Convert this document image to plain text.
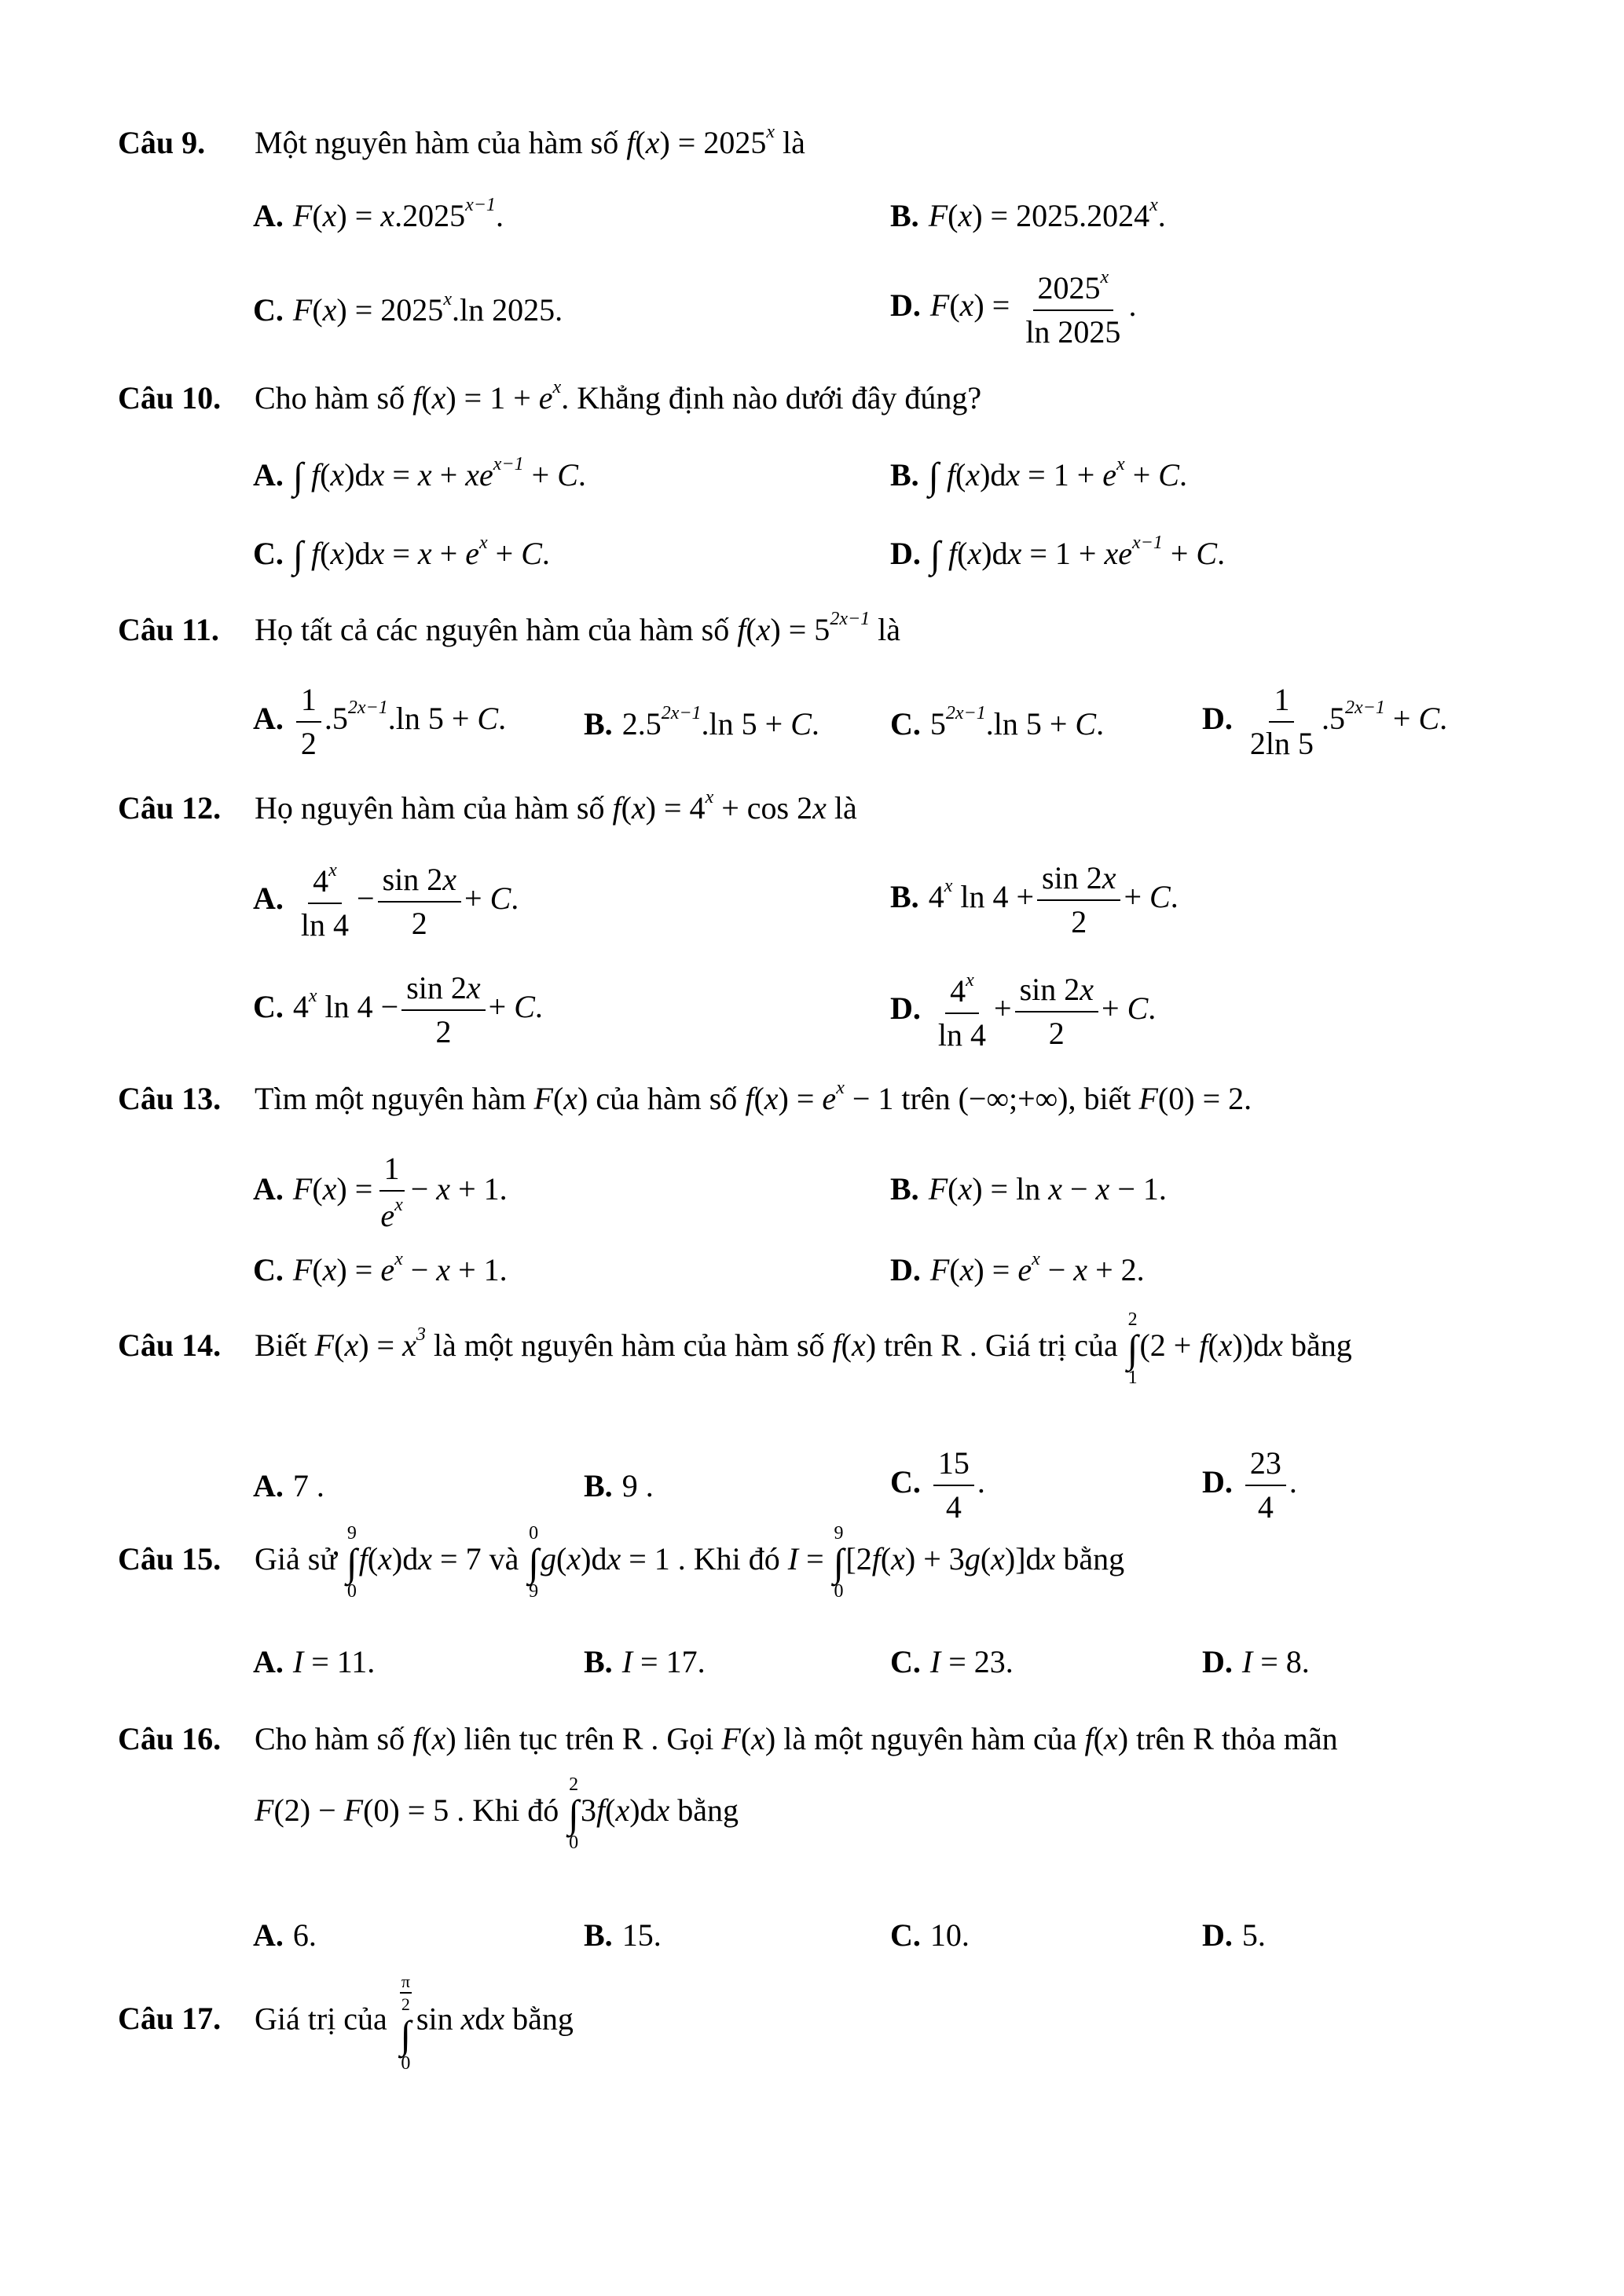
Câu 9. Một nguyên hàm của hàm số $f(x) = 2025^x$ là
A. $F(x) = x.2025^{x-1}$.	B. $F(x) = 2025.2024^x$.
C. $F(x) = 2025^x.\ln$ 2025.	D. $F(x) = \frac{2025^x}{\ln 2025}$ .
Câu 10. Cho hàm số $f(x) = 1 + e^x$. Khẳng định nào dưới đây đúng?
A. ∫ $f(x)dx = x + xe^{x-1} + C$.	B. ∫ $f(x)dx = 1 + e^x + C$.
C. ∫ $f(x)dx = x + e^x + C$.	D. ∫ $f(x)dx = 1 + xe^{x-1} + C$.
Câu 11. Họ tất cả các nguyên hàm của hàm số $f(x) = 5^{2x-1}$ là
A. $\frac{1}{2} .5^{2x-1}.\ln$ 5 + C. B. $2.5^{2x-1}.\ln$ 5 + C. C. $5^{2x-1}.\ln$ 5 + C.	D. $\frac{1}{2\ln 5} .5^{2x-1} + C$.
Câu 12. Họ nguyên hàm của hàm số $f(x) = 4^x + \cos 2x$ là
A. $\frac{4^x}{\ln 4} - \frac{\sin 2x}{2} + C$.	B. 4$^x$ $\ln 4 + \frac{\sin 2x}{2} + C$.
C. 4$^x$ $\ln 4 - \frac{\sin 2x}{2} + C$.	D. $\frac{4^x}{\ln 4} + \frac{\sin 2x}{2} + C$.
Câu 13. Tìm một nguyên hàm F(x) của hàm số $f(x) = e^x - 1$ trên (−∞;+∞), biết F(0) = 2.
A. $F(x) = \frac{1}{e^x} - x + 1$.	B. F(x) = ln x − x − 1.
C. $F(x) = e^x - x + 1$.	D. $F(x) = e^x - x + 2$.
Câu 14. Biết $F(x) = x^3$ là một nguyên hàm của hàm số f(x) trên R . Giá trị của
2
∫
1
(2 + f(x))dx bằng
A. 7 .	B. 9 .	C. $\frac{15}{4}$ .	D. $\frac{23}{4}$ .
Câu 15. Giả sử
9
∫
0
f(x)dx = 7 và
0
∫
9
g(x)dx = 1 . Khi đó I =
9
∫
0
[2f(x) + 3g(x)]dx bằng
A. I = 11.	B. I = 17.	C. I = 23.	D. I = 8.
Câu 16. Cho hàm số f(x) liên tục trên R . Gọi F(x) là một nguyên hàm của f(x) trên R thỏa mãn
F(2) − F(0) = 5 . Khi đó
2
∫
0
3f(x)dx bằng
A. 6.	B. 15.	C. 10.	D. 5.
Câu 17. Giá trị của
$\frac{\pi}{2}$
∫
0
sin xdx bằng
